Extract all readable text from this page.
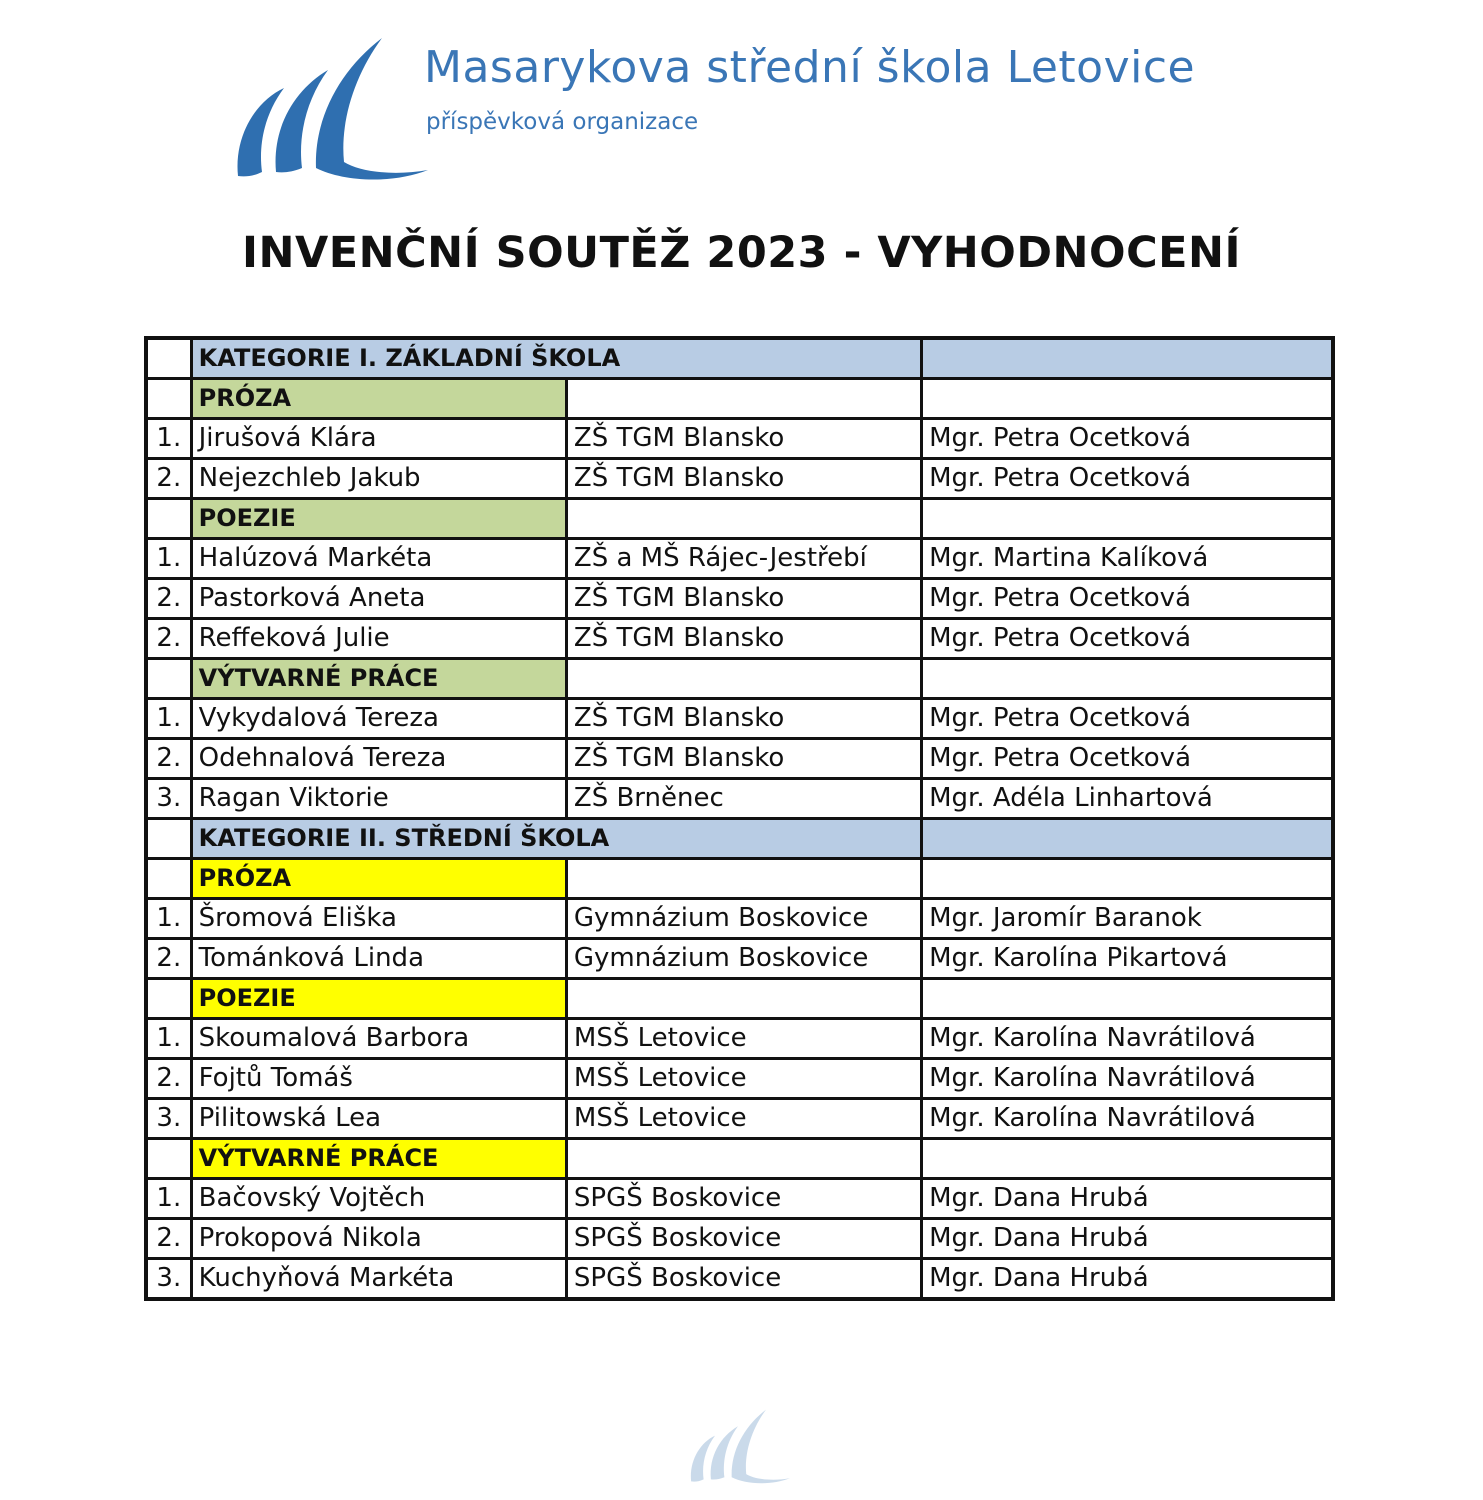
Masarykova střední škola Letovice
příspěvková organizace
INVENČNÍ SOUTĚŽ 2023 - VYHODNOCENÍ
	KATEGORIE I. ZÁKLADNÍ ŠKOLA		
	PRÓZA		
1.	Jirušová Klára	ZŠ TGM Blansko	Mgr. Petra Ocetková
2.	Nejezchleb Jakub	ZŠ TGM Blansko	Mgr. Petra Ocetková
	POEZIE		
1.	Halúzová Markéta	ZŠ a MŠ Rájec-Jestřebí	Mgr. Martina Kalíková
2.	Pastorková Aneta	ZŠ TGM Blansko	Mgr. Petra Ocetková
2.	Reffeková Julie	ZŠ TGM Blansko	Mgr. Petra Ocetková
	VÝTVARNÉ PRÁCE		
1.	Vykydalová Tereza	ZŠ TGM Blansko	Mgr. Petra Ocetková
2.	Odehnalová Tereza	ZŠ TGM Blansko	Mgr. Petra Ocetková
3.	Ragan Viktorie	ZŠ Brněnec	Mgr. Adéla Linhartová
	KATEGORIE II. STŘEDNÍ ŠKOLA		
	PRÓZA		
1.	Šromová Eliška	Gymnázium Boskovice	Mgr. Jaromír Baranok
2.	Tománková Linda	Gymnázium Boskovice	Mgr. Karolína Pikartová
	POEZIE		
1.	Skoumalová Barbora	MSŠ Letovice	Mgr. Karolína Navrátilová
2.	Fojtů Tomáš	MSŠ Letovice	Mgr. Karolína Navrátilová
3.	Pilitowská Lea	MSŠ Letovice	Mgr. Karolína Navrátilová
	VÝTVARNÉ PRÁCE		
1.	Bačovský Vojtěch	SPGŠ Boskovice	Mgr. Dana Hrubá
2.	Prokopová Nikola	SPGŠ Boskovice	Mgr. Dana Hrubá
3.	Kuchyňová Markéta	SPGŠ Boskovice	Mgr. Dana Hrubá
